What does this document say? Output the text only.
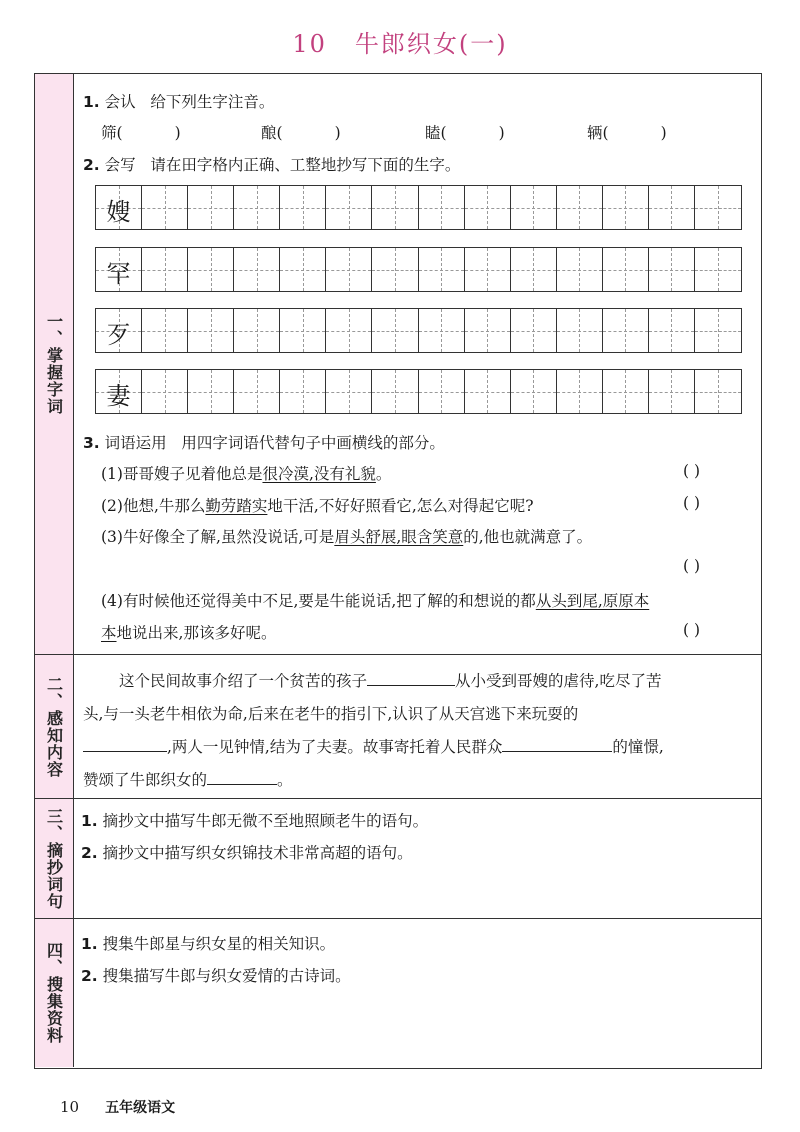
10 牛郎织女(一)
一、掌握字词
1. 会认 给下列生字注音。
筛(	)	酿(	)	瞌(	)	辆(	)
2. 会写 请在田字格内正确、工整地抄写下面的生字。
嫂
罕
歹
妻
3. 词语运用 用四字词语代替句子中画横线的部分。
(1)哥哥嫂子见着他总是很冷漠,没有礼貌。	( )
(2)他想,牛那么勤劳踏实地干活,不好好照看它,怎么对得起它呢?	( )
(3)牛好像全了解,虽然没说话,可是眉头舒展,眼含笑意的,他也就满意了。
( )
(4)有时候他还觉得美中不足,要是牛能说话,把了解的和想说的都从头到尾,原原本
本地说出来,那该多好呢。	( )
二、感知内容	这个民间故事介绍了一个贫苦的孩子	从小受到哥嫂的虐待,吃尽了苦
头,与一头老牛相依为命,后来在老牛的指引下,认识了从天宫逃下来玩耍的
,两人一见钟情,结为了夫妻。故事寄托着人民群众	的憧憬,
赞颂了牛郎织女的	。
三、摘抄词句 1. 摘抄文中描写牛郎无微不至地照顾老牛的语句。
2. 摘抄文中描写织女织锦技术非常高超的语句。
四、搜集资料 1. 搜集牛郎星与织女星的相关知识。
2. 搜集描写牛郎与织女爱情的古诗词。
10 五年级语文
